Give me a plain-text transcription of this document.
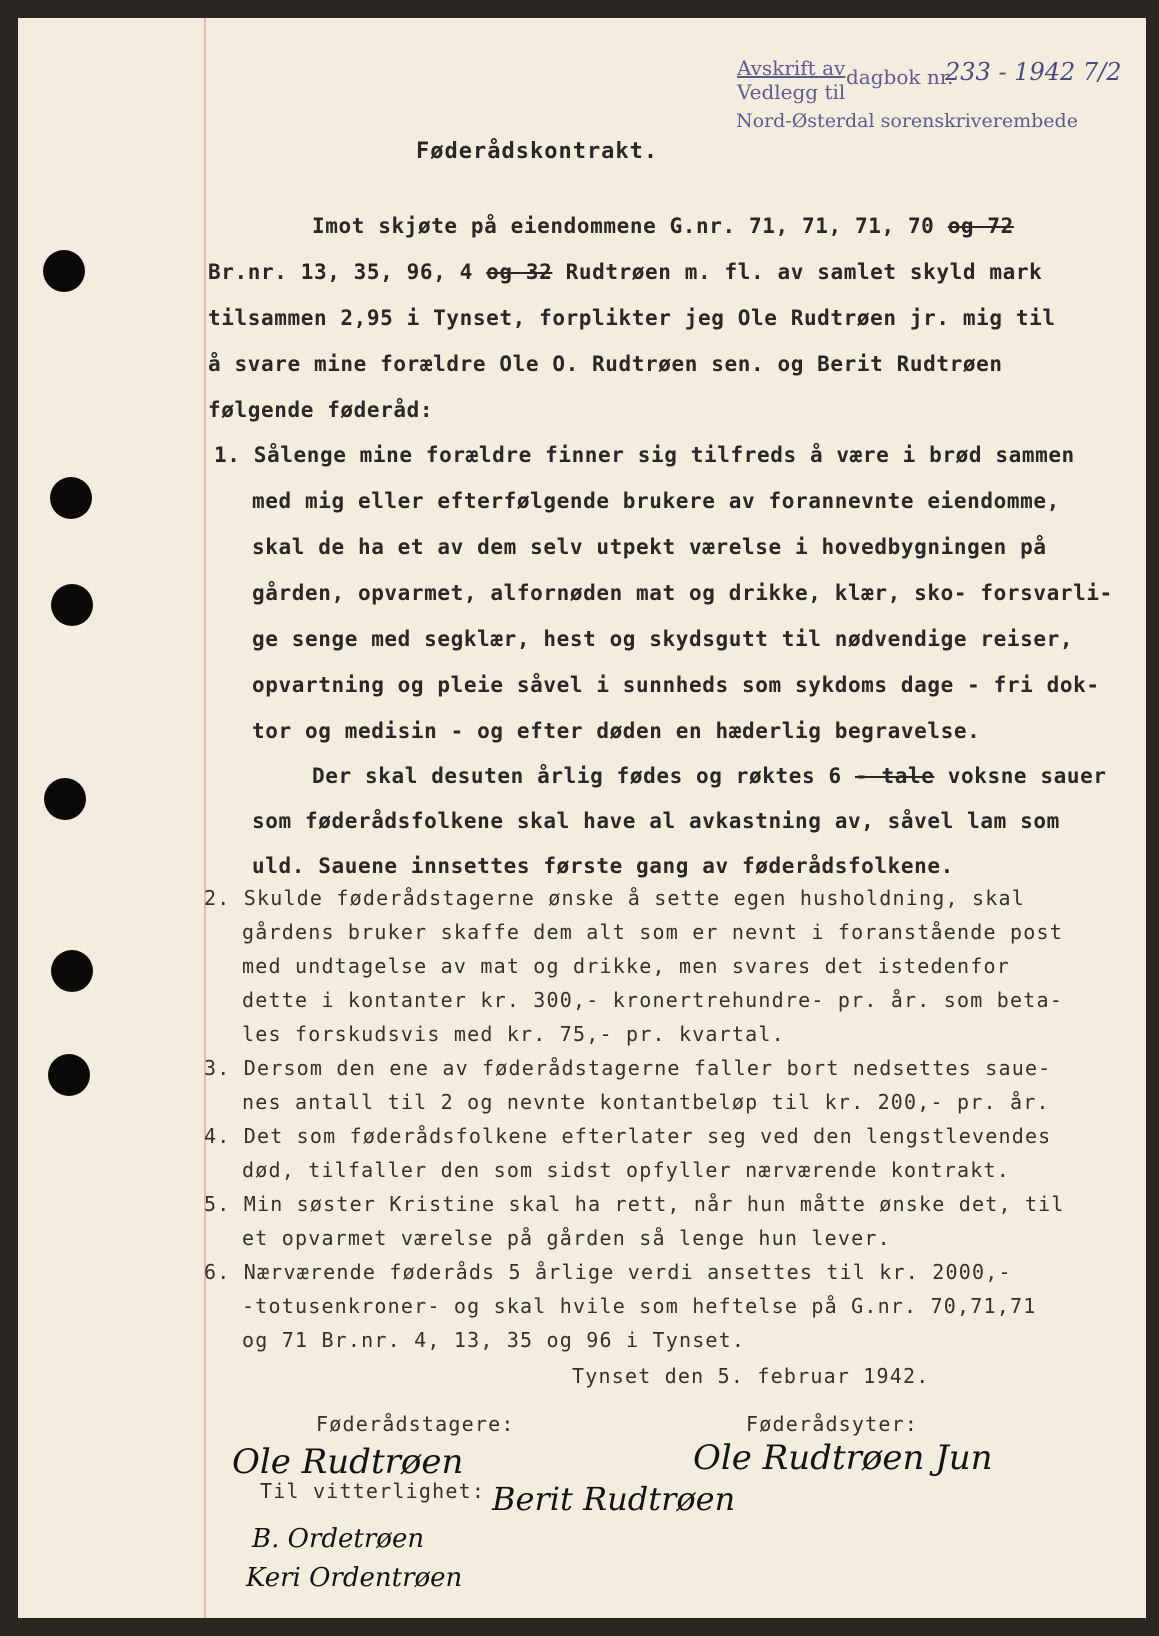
Avskrift av
Vedlegg til
dagbok nr.
233 - 1942 7/2
Nord-Østerdal sorenskriverembede
Føderådskontrakt.
Imot skjøte på eiendommene G.nr. 71, 71, 71, 70 og 72
Br.nr. 13, 35, 96, 4 og 32 Rudtrøen m. fl. av samlet skyld mark
tilsammen 2,95 i Tynset, forplikter jeg Ole Rudtrøen jr. mig til
å svare mine forældre Ole O. Rudtrøen sen. og Berit Rudtrøen
følgende føderåd:
1. Sålenge mine forældre finner sig tilfreds å være i brød sammen
med mig eller efterfølgende brukere av forannevnte eiendomme,
skal de ha et av dem selv utpekt værelse i hovedbygningen på
gården, opvarmet, alfornøden mat og drikke, klær, sko- forsvarli-
ge senge med segklær, hest og skydsgutt til nødvendige reiser,
opvartning og pleie såvel i sunnheds som sykdoms dage - fri dok-
tor og medisin - og efter døden en hæderlig begravelse.
Der skal desuten årlig fødes og røktes 6 - tale voksne sauer
som føderådsfolkene skal have al avkastning av, såvel lam som
uld. Sauene innsettes første gang av føderådsfolkene.
2. Skulde føderådstagerne ønske å sette egen husholdning, skal
gårdens bruker skaffe dem alt som er nevnt i foranstående post
med undtagelse av mat og drikke, men svares det istedenfor
dette i kontanter kr. 300,- kronertrehundre- pr. år. som beta-
les forskudsvis med kr. 75,- pr. kvartal.
3. Dersom den ene av føderådstagerne faller bort nedsettes saue-
nes antall til 2 og nevnte kontantbeløp til kr. 200,- pr. år.
4. Det som føderådsfolkene efterlater seg ved den lengstlevendes
død, tilfaller den som sidst opfyller nærværende kontrakt.
5. Min søster Kristine skal ha rett, når hun måtte ønske det, til
et opvarmet værelse på gården så lenge hun lever.
6. Nærværende føderåds 5 årlige verdi ansettes til kr. 2000,-
-totusenkroner- og skal hvile som heftelse på G.nr. 70,71,71
og 71 Br.nr. 4, 13, 35 og 96 i Tynset.
Tynset den 5. februar 1942.
Føderådstagere:	Føderådsyter:
Ole Rudtrøen	Ole Rudtrøen Jun
Til vitterlighet: Berit Rudtrøen
B. Ordetrøen
Keri Ordentrøen
